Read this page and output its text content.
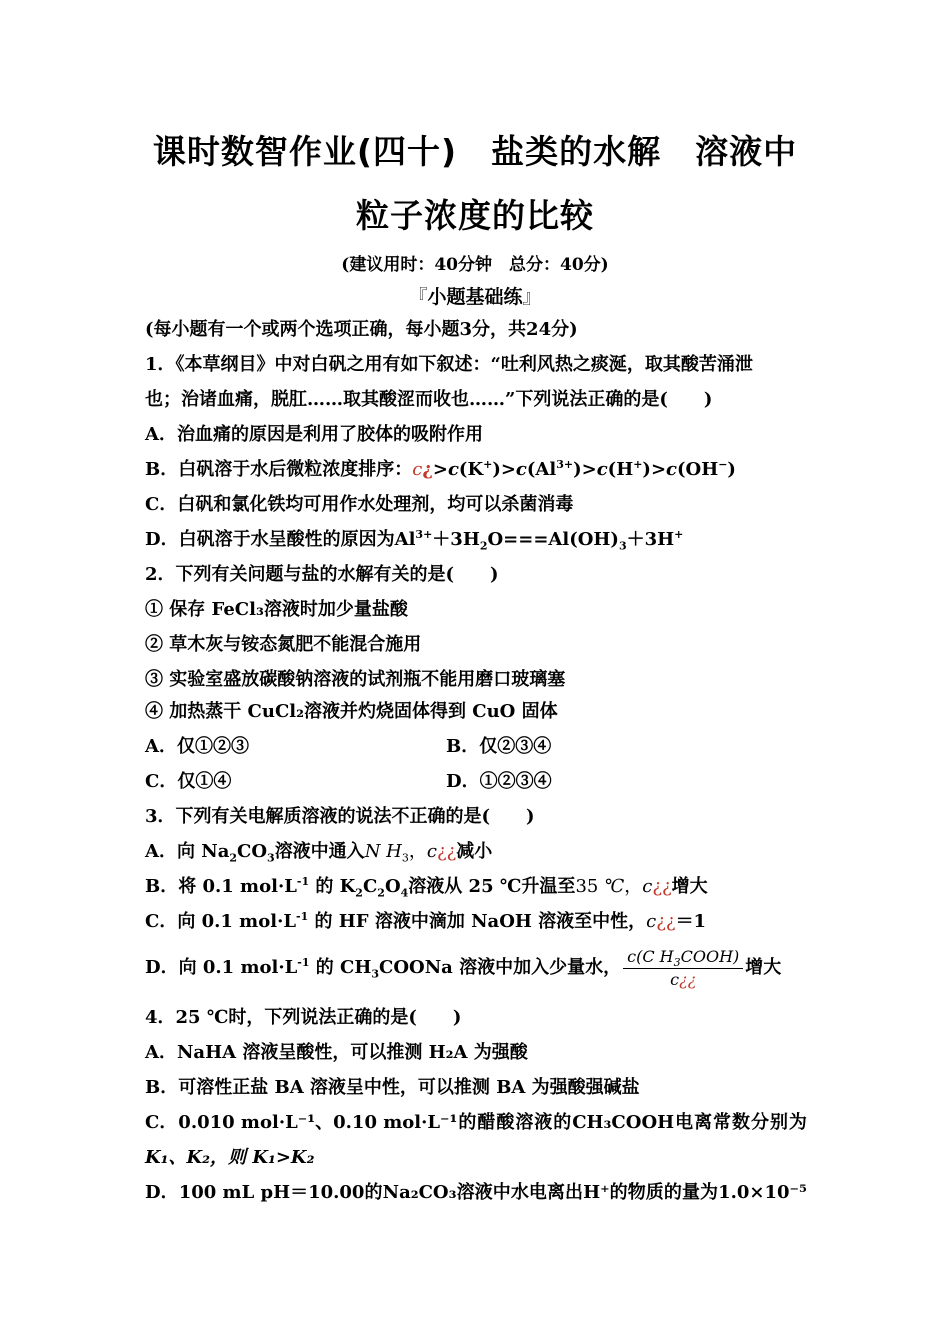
课时数智作业(四十)　盐类的水解　溶液中
粒子浓度的比较
(建议用时：40分钟　总分：40分)
『小题基础练』
(每小题有一个或两个选项正确，每小题3分，共24分)
1．《本草纲目》中对白矾之用有如下叙述：“吐利风热之痰涎，取其酸苦涌泄
也；治诸血痛，脱肛……取其酸涩而收也……”下列说法正确的是(　　)
A．治血痛的原因是利用了胶体的吸附作用
B．白矾溶于水后微粒浓度排序：$c¿>c(K^+)>c(Al^{3+})>c(H^+)>c(OH^-)$
C．白矾和氯化铁均可用作水处理剂，均可以杀菌消毒
D．白矾溶于水呈酸性的原因为$Al^{3+}+3H_2O===Al(OH)_3+3H^+$
2．下列有关问题与盐的水解有关的是(　　)
① 保存 FeCl₃溶液时加少量盐酸
② 草木灰与铵态氮肥不能混合施用
③ 实验室盛放碳酸钠溶液的试剂瓶不能用磨口玻璃塞
④ 加热蒸干 CuCl₂溶液并灼烧固体得到 CuO 固体
A．仅①②③	B．仅②③④
C．仅①④	D．①②③④
3．下列有关电解质溶液的说法不正确的是(　　)
A．向 $Na_2CO_3$溶液中通入N $H_3$，c¿¿减小
B．将 0.1 $mol\cdot L^{-1}$ 的 $K_2C_2O_4$溶液从 25 ℃升温至35 ℃，c¿¿增大
C．向 0.1 $mol\cdot L^{-1}$ 的 HF 溶液中滴加 NaOH 溶液至中性，c¿¿＝1
D．向 0.1 $mol\cdot L^{-1}$ 的 $CH_3COONa$ 溶液中加入少量水， $\frac{c(C H_3COOH)}{c¿¿}$ 增大
4．25 ℃时，下列说法正确的是(　　)
A．NaHA 溶液呈酸性，可以推测 H₂A 为强酸
B．可溶性正盐 BA 溶液呈中性，可以推测 BA 为强酸强碱盐
C． 0.010 mol·L⁻¹、0.10 mol·L⁻¹ 的 醋 酸 溶 液 的 CH₃COOH 电 离 常 数 分 别 为
K₁、K₂，则 K₁>K₂
D． 100 mL pH＝10.00 的 Na₂CO₃ 溶 液 中 水 电 离 出 H⁺的 物 质 的 量 为 1.0×10⁻⁵
